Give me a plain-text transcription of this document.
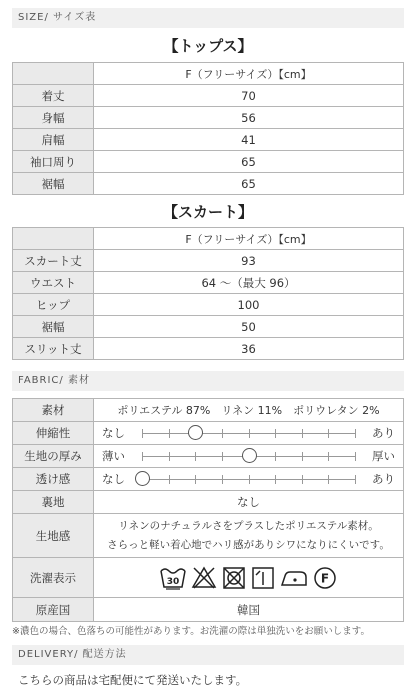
SIZE/ サイズ表
【トップス】
	F（フリーサイズ）【cm】
着丈	70
身幅	56
肩幅	41
袖口周り	65
裾幅	65
【スカート】
	F（フリーサイズ）【cm】
スカート丈	93
ウエスト	64 ～（最大 96）
ヒップ	100
裾幅	50
スリット丈	36
FABRIC/ 素材
素材	ポリエステル 87%　リネン 11%　ポリウレタン 2%
伸縮性	なし あり

生地の厚み	薄い 厚い

透け感	なし あり

裏地	なし
生地感	リネンのナチュラルさをプラスしたポリエステル素材。
さらっと軽い着心地でハリ感がありシワになりにくいです。

洗濯表示	30 F

原産国	韓国
※濃色の場合、色落ちの可能性があります。お洗濯の際は単独洗いをお願いします。
DELIVERY/ 配送方法
こちらの商品は宅配便にて発送いたします。
